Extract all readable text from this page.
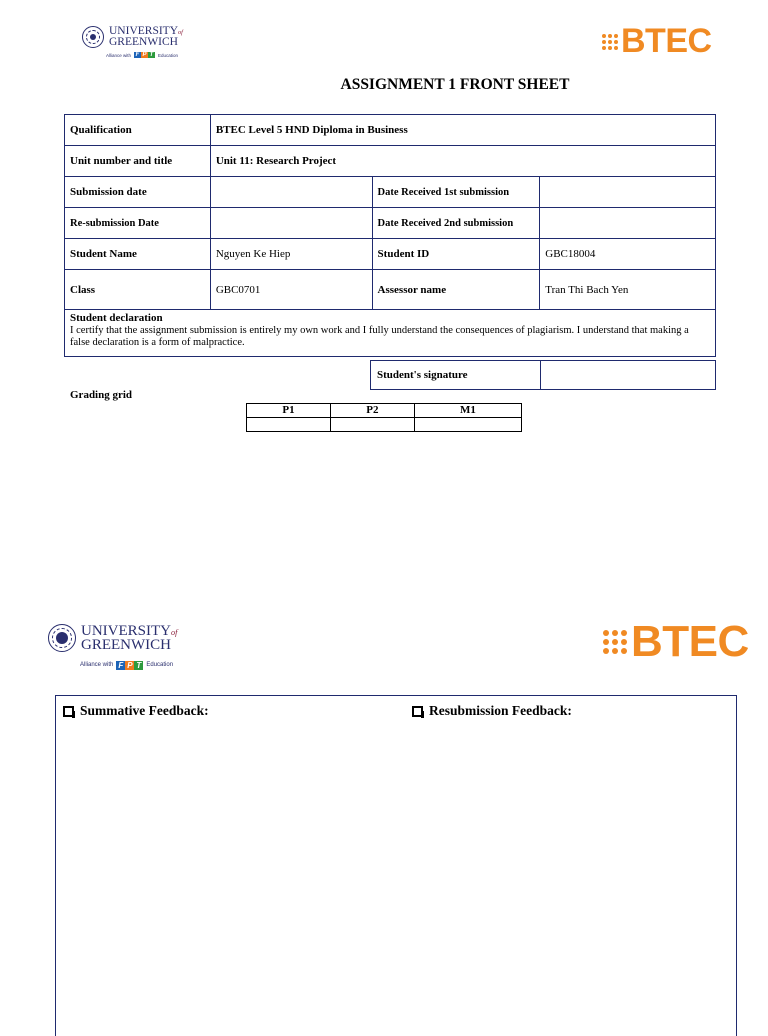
UNIVERSITYof
GREENWICH
Alliance with F P T	Education	BTEC
ASSIGNMENT 1 FRONT SHEET
Qualification	BTEC Level 5 HND Diploma in Business		
Unit number and title	Unit 11: Research Project		
Submission date		Date Received 1st submission	
Re-submission Date		Date Received 2nd submission	
Student Name	Nguyen Ke Hiep	Student ID	GBC18004
Class	GBC0701	Assessor name	Tran Thi Bach Yen

Student declaration
I certify that the assignment submission is entirely my own work and I fully understand the consequences of plagiarism. I understand that making a false declaration is a form of malpractice.			
Student's signature	
Grading grid
P1	P2	M1

UNIVERSITYof
GREENWICH
Alliance with F P T Education	BTEC
Summative Feedback:	Resubmission Feedback:
